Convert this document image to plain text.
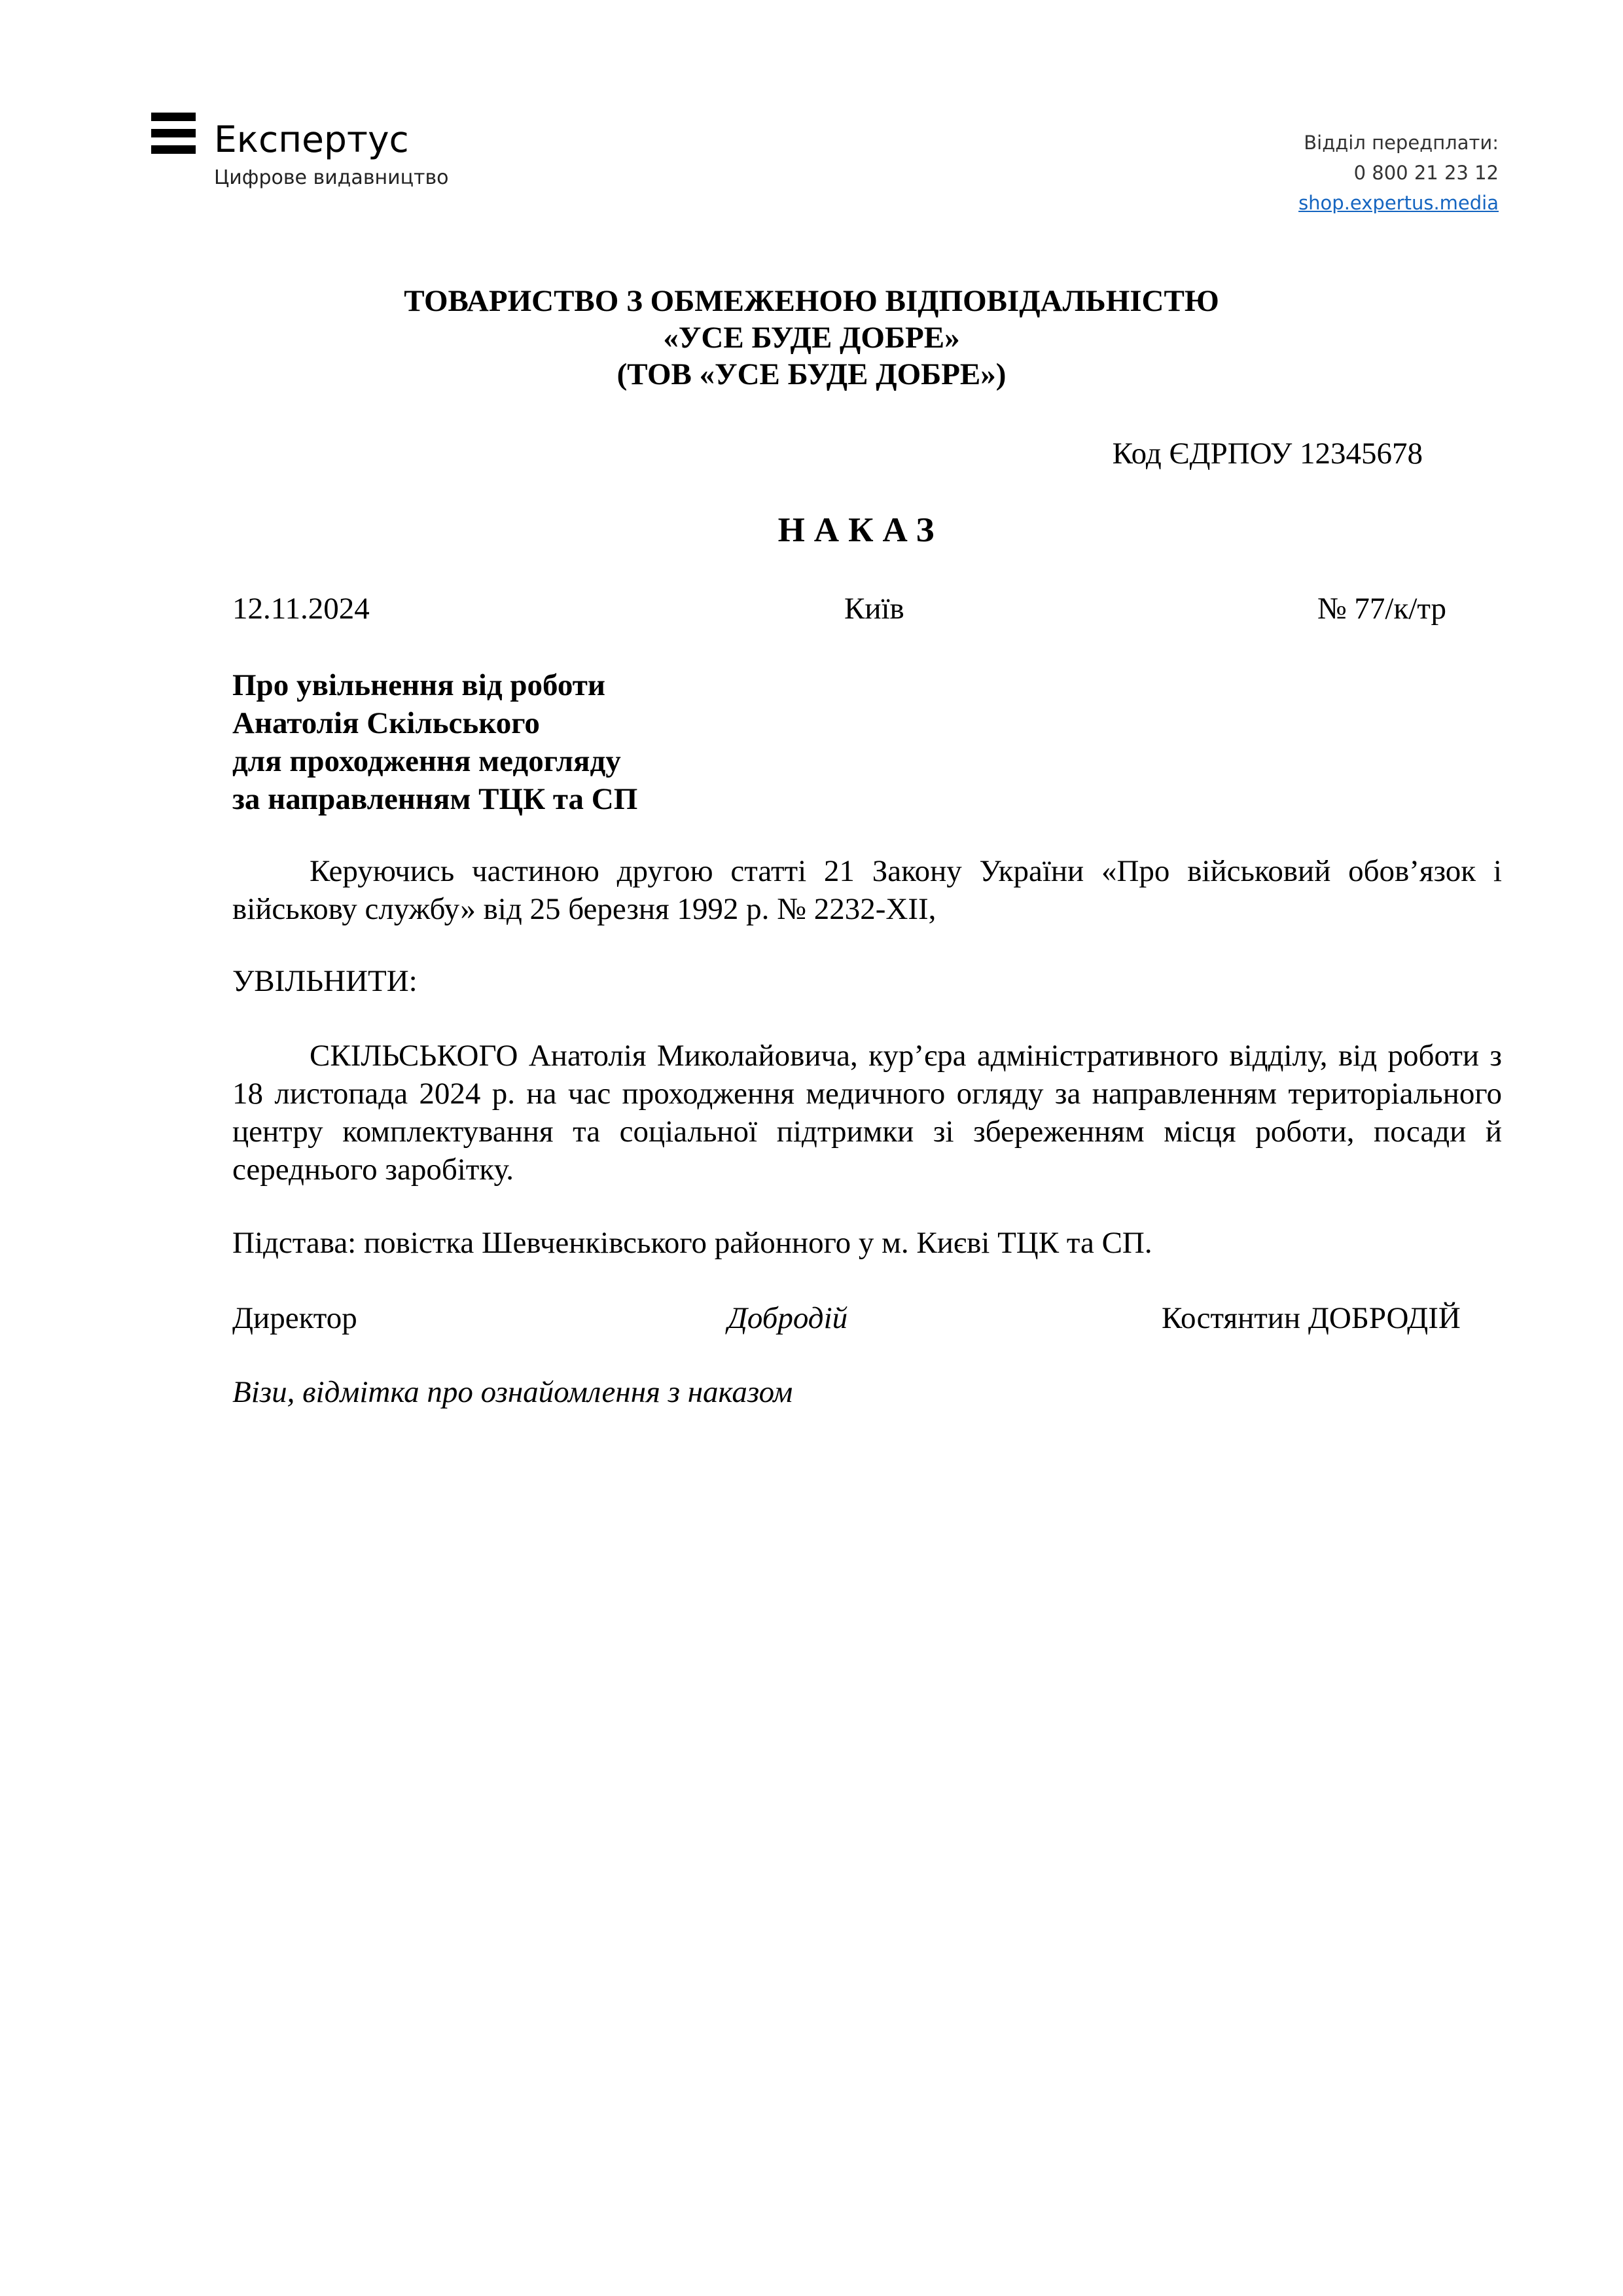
Експертус
Цифрове видавництво
Відділ передплати:
0 800 21 23 12
shop.expertus.media
ТОВАРИСТВО З ОБМЕЖЕНОЮ ВІДПОВІДАЛЬНІСТЮ
«УСЕ БУДЕ ДОБРЕ»
(ТОВ «УСЕ БУДЕ ДОБРЕ»)
Код ЄДРПОУ 12345678
НАКАЗ
12.11.2024	Київ	№ 77/к/тр
Про увільнення від роботи
Анатолія Скільського
для проходження медогляду
за направленням ТЦК та СП
Керуючись частиною другою статті 21 Закону України «Про військовий обов’язок і військову службу» від 25 березня 1992 р. № 2232-XII,
УВІЛЬНИТИ:
СКІЛЬСЬКОГО Анатолія Миколайовича, кур’єра адміністративного відділу, від роботи з 18 листопада 2024 р. на час проходження медичного огляду за направленням територіального центру комплектування та соціальної підтримки зі збереженням місця роботи, посади й середнього заробітку.
Підстава: повістка Шевченківського районного у м. Києві ТЦК та СП.
Директор	Добродій	Костянтин ДОБРОДІЙ
Візи, відмітка про ознайомлення з наказом
